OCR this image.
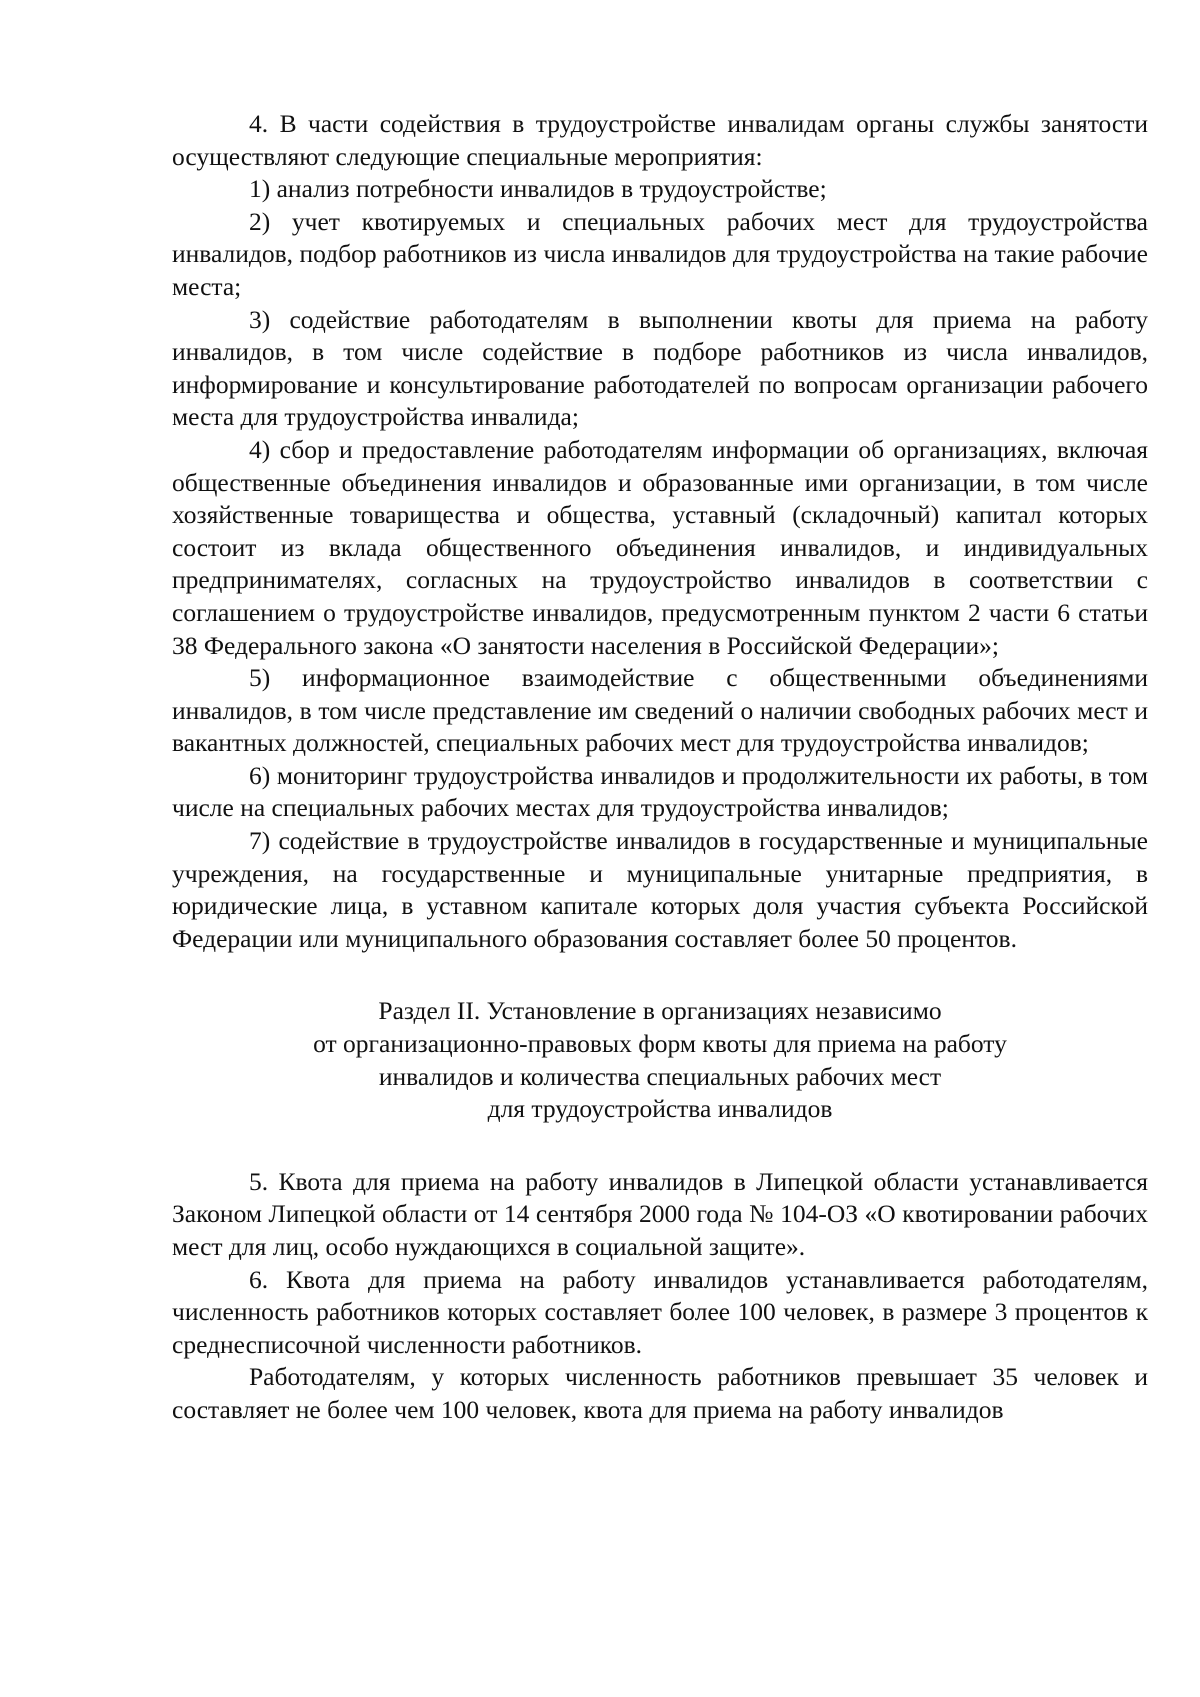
4. В части содействия в трудоустройстве инвалидам органы службы занятости осуществляют следующие специальные мероприятия:

1) анализ потребности инвалидов в трудоустройстве;

2) учет квотируемых и специальных рабочих мест для трудоустройства инвалидов, подбор работников из числа инвалидов для трудоустройства на такие рабочие места;

3) содействие работодателям в выполнении квоты для приема на работу инвалидов, в том числе содействие в подборе работников из числа инвалидов, информирование и консультирование работодателей по вопросам организации рабочего места для трудоустройства инвалида;

4) сбор и предоставление работодателям информации об организациях, включая общественные объединения инвалидов и образованные ими организации, в том числе хозяйственные товарищества и общества, уставный (складочный) капитал которых состоит из вклада общественного объединения инвалидов, и индивидуальных предпринимателях, согласных на трудоустройство инвалидов в соответствии с соглашением о трудоустройстве инвалидов, предусмотренным пунктом 2 части 6 статьи 38 Федерального закона «О занятости населения в Российской Федерации»;

5) информационное взаимодействие с общественными объединениями инвалидов, в том числе представление им сведений о наличии свободных рабочих мест и вакантных должностей, специальных рабочих мест для трудоустройства инвалидов;

6) мониторинг трудоустройства инвалидов и продолжительности их работы, в том числе на специальных рабочих местах для трудоустройства инвалидов;

7) содействие в трудоустройстве инвалидов в государственные и муниципальные учреждения, на государственные и муниципальные унитарные предприятия, в юридические лица, в уставном капитале которых доля участия субъекта Российской Федерации или муниципального образования составляет более 50 процентов.

Раздел II. Установление в организациях независимо
от организационно-правовых форм квоты для приема на работу
инвалидов и количества специальных рабочих мест
для трудоустройства инвалидов

5. Квота для приема на работу инвалидов в Липецкой области устанавливается Законом Липецкой области от 14 сентября 2000 года № 104-ОЗ «О квотировании рабочих мест для лиц, особо нуждающихся в социальной защите».

6. Квота для приема на работу инвалидов устанавливается работодателям, численность работников которых составляет более 100 человек, в размере 3 процентов к среднесписочной численности работников.

Работодателям, у которых численность работников превышает 35 человек и составляет не более чем 100 человек, квота для приема на работу инвалидов
